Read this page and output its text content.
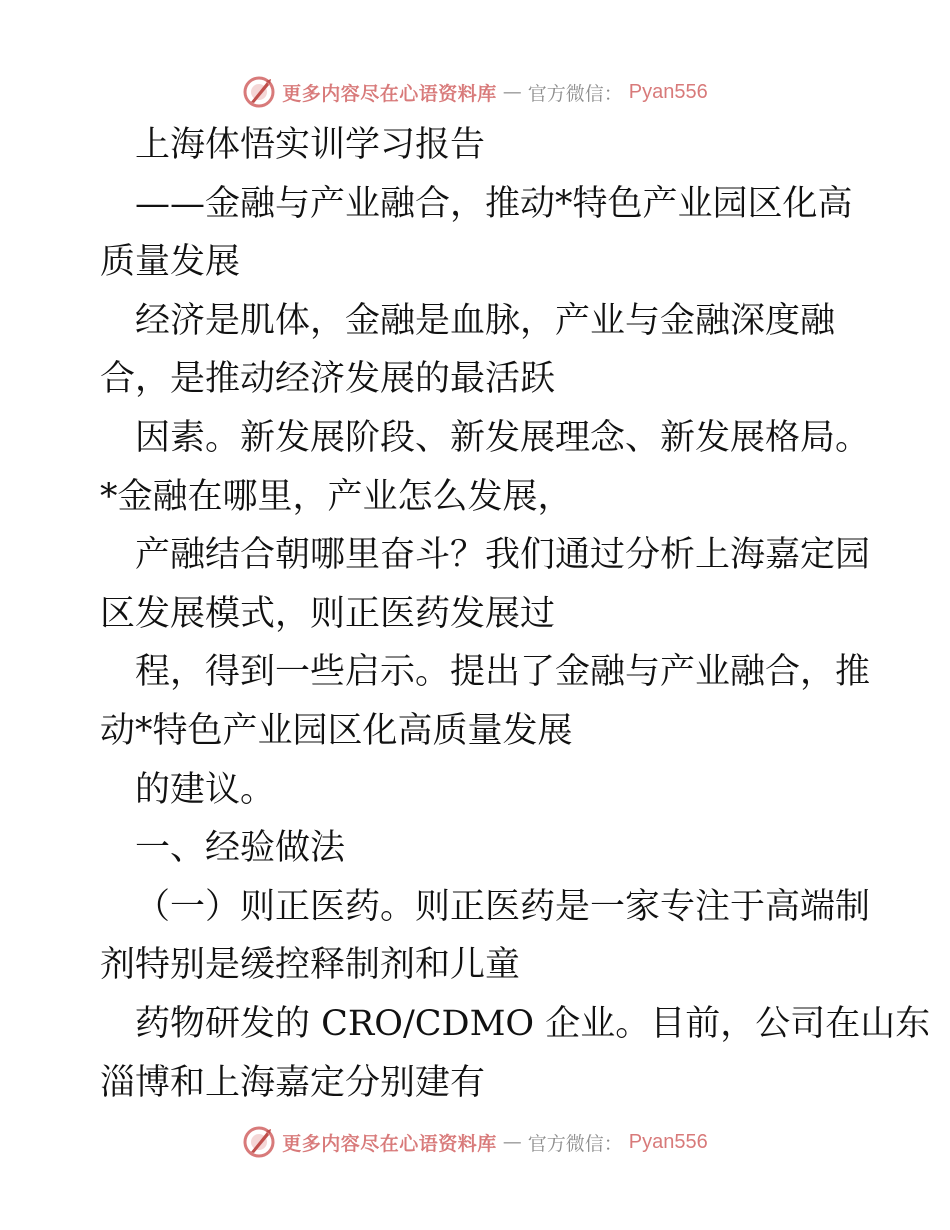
更多内容尽在心语资料库 — 官方微信： Pyan556
上海体悟实训学习报告
——金融与产业融合，推动*特色产业园区化高
质量发展
经济是肌体，金融是血脉，产业与金融深度融
合，是推动经济发展的最活跃
因素。新发展阶段、新发展理念、新发展格局。
*金融在哪里，产业怎么发展，
产融结合朝哪里奋斗？我们通过分析上海嘉定园
区发展模式，则正医药发展过
程，得到一些启示。提出了金融与产业融合，推
动*特色产业园区化高质量发展
的建议。
一、经验做法
（一）则正医药。则正医药是一家专注于高端制
剂特别是缓控释制剂和儿童
药物研发的 CRO/CDMO 企业。目前，公司在山东
淄博和上海嘉定分别建有
更多内容尽在心语资料库 — 官方微信： Pyan556
